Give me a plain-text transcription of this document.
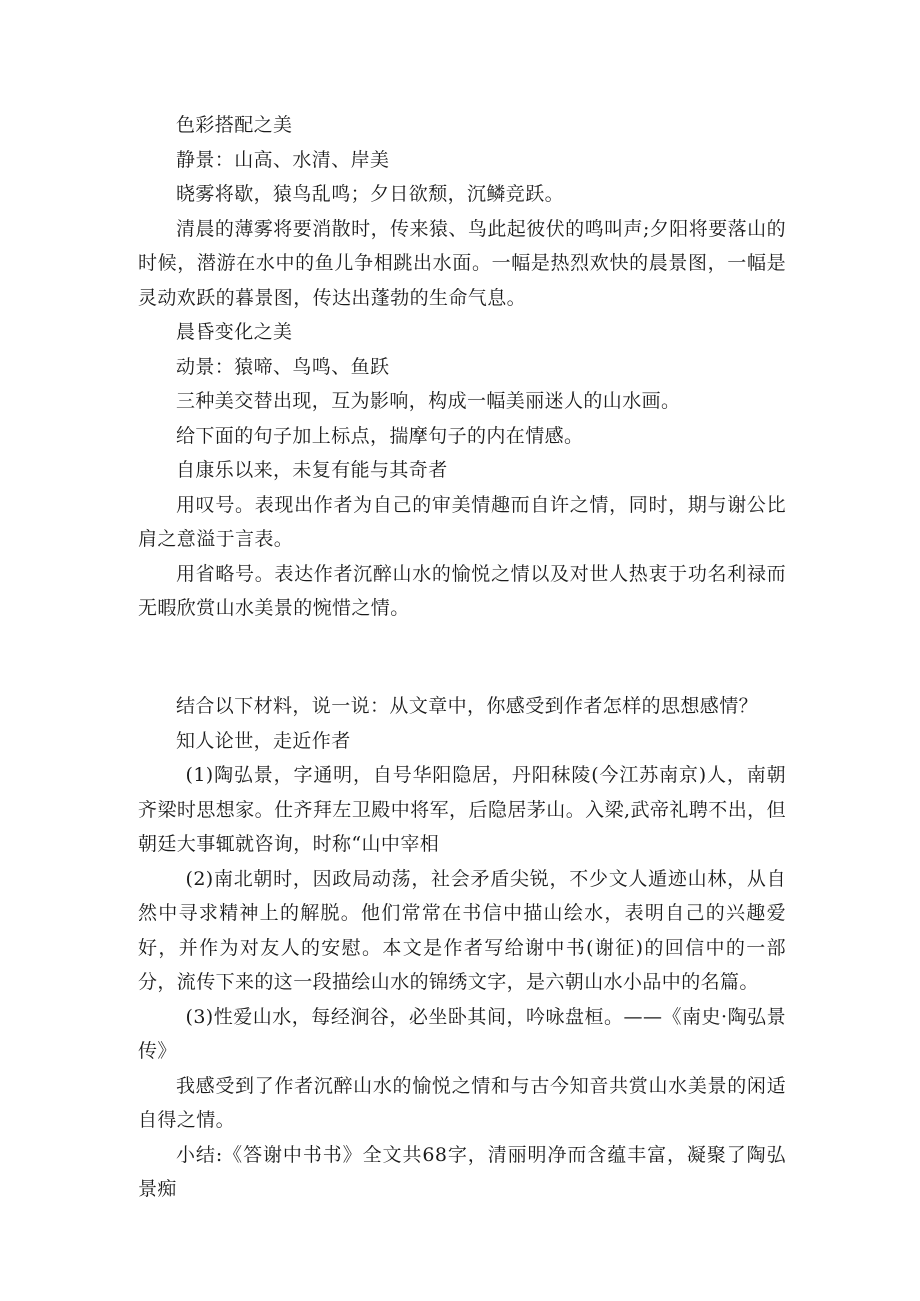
色彩搭配之美

静景：山高、水清、岸美

晓雾将歇，猿鸟乱鸣；夕日欲颓，沉鳞竞跃。

清晨的薄雾将要消散时，传来猿、鸟此起彼伏的鸣叫声;夕阳将要落山的时候，潜游在水中的鱼儿争相跳出水面。一幅是热烈欢快的晨景图，一幅是灵动欢跃的暮景图，传达出蓬勃的生命气息。

晨昏变化之美

动景：猿啼、鸟鸣、鱼跃

三种美交替出现，互为影响，构成一幅美丽迷人的山水画。

给下面的句子加上标点，揣摩句子的内在情感。

自康乐以来，未复有能与其奇者

用叹号。表现出作者为自己的审美情趣而自许之情，同时，期与谢公比肩之意溢于言表。

用省略号。表达作者沉醉山水的愉悦之情以及对世人热衷于功名利禄而无暇欣赏山水美景的惋惜之情。

结合以下材料，说一说：从文章中，你感受到作者怎样的思想感情？

知人论世，走近作者

(1)陶弘景，字通明，自号华阳隐居，丹阳秣陵(今江苏南京)人，南朝齐梁时思想家。仕齐拜左卫殿中将军，后隐居茅山。入梁,武帝礼聘不出，但朝廷大事辄就咨询，时称“山中宰相

(2)南北朝时，因政局动荡，社会矛盾尖锐，不少文人遁迹山林，从自然中寻求精神上的解脱。他们常常在书信中描山绘水，表明自己的兴趣爱好，并作为对友人的安慰。本文是作者写给谢中书(谢征)的回信中的一部分，流传下来的这一段描绘山水的锦绣文字，是六朝山水小品中的名篇。

(3)性爱山水，每经涧谷，必坐卧其间，吟咏盘桓。——《南史·陶弘景传》

我感受到了作者沉醉山水的愉悦之情和与古今知音共赏山水美景的闲适自得之情。

小结:《答谢中书书》全文共68字，清丽明净而含蕴丰富，凝聚了陶弘景痴
